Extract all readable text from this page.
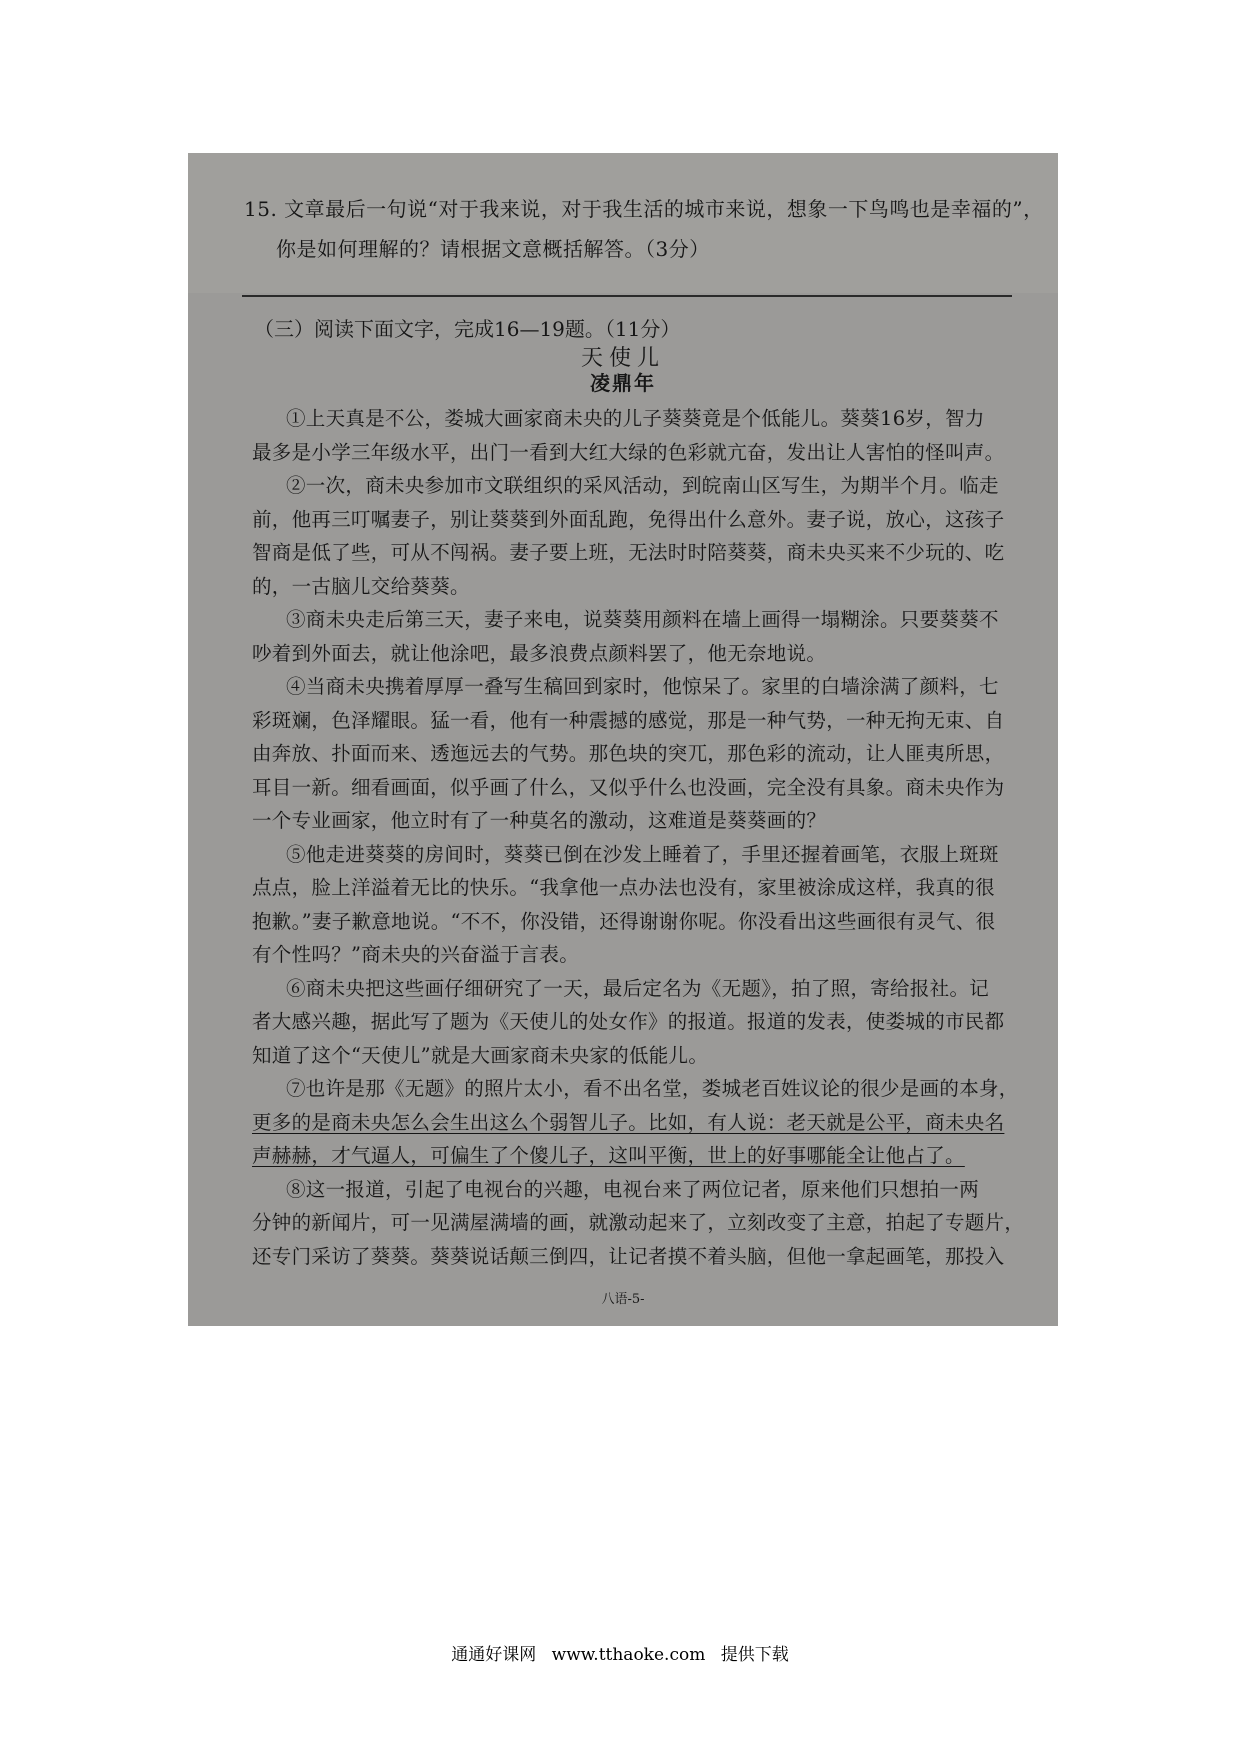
15. 文章最后一句说“对于我来说，对于我生活的城市来说，想象一下鸟鸣也是幸福的”，
你是如何理解的？请根据文意概括解答。（3分）
（三）阅读下面文字，完成16—19题。（11分）
天使儿
凌鼎年
①上天真是不公，娄城大画家商未央的儿子葵葵竟是个低能儿。葵葵16岁，智力
最多是小学三年级水平，出门一看到大红大绿的色彩就亢奋，发出让人害怕的怪叫声。
②一次，商未央参加市文联组织的采风活动，到皖南山区写生，为期半个月。临走
前，他再三叮嘱妻子，别让葵葵到外面乱跑，免得出什么意外。妻子说，放心，这孩子
智商是低了些，可从不闯祸。妻子要上班，无法时时陪葵葵，商未央买来不少玩的、吃
的，一古脑儿交给葵葵。
③商未央走后第三天，妻子来电，说葵葵用颜料在墙上画得一塌糊涂。只要葵葵不
吵着到外面去，就让他涂吧，最多浪费点颜料罢了，他无奈地说。
④当商未央携着厚厚一叠写生稿回到家时，他惊呆了。家里的白墙涂满了颜料，七
彩斑斓，色泽耀眼。猛一看，他有一种震撼的感觉，那是一种气势，一种无拘无束、自
由奔放、扑面而来、透迤远去的气势。那色块的突兀，那色彩的流动，让人匪夷所思，
耳目一新。细看画面，似乎画了什么，又似乎什么也没画，完全没有具象。商未央作为
一个专业画家，他立时有了一种莫名的激动，这难道是葵葵画的？
⑤他走进葵葵的房间时，葵葵已倒在沙发上睡着了，手里还握着画笔，衣服上斑斑
点点，脸上洋溢着无比的快乐。“我拿他一点办法也没有，家里被涂成这样，我真的很
抱歉。”妻子歉意地说。“不不，你没错，还得谢谢你呢。你没看出这些画很有灵气、很
有个性吗？”商未央的兴奋溢于言表。
⑥商未央把这些画仔细研究了一天，最后定名为《无题》，拍了照，寄给报社。记
者大感兴趣，据此写了题为《天使儿的处女作》的报道。报道的发表，使娄城的市民都
知道了这个“天使儿”就是大画家商未央家的低能儿。
⑦也许是那《无题》的照片太小，看不出名堂，娄城老百姓议论的很少是画的本身，
更多的是商未央怎么会生出这么个弱智儿子。比如，有人说：老天就是公平，商未央名
声赫赫，才气逼人，可偏生了个傻儿子，这叫平衡，世上的好事哪能全让他占了。
⑧这一报道，引起了电视台的兴趣，电视台来了两位记者，原来他们只想拍一两
分钟的新闻片，可一见满屋满墙的画，就激动起来了，立刻改变了主意，拍起了专题片，
还专门采访了葵葵。葵葵说话颠三倒四，让记者摸不着头脑，但他一拿起画笔，那投入
八语-5-
通通好课网 www.tthaoke.com 提供下载
